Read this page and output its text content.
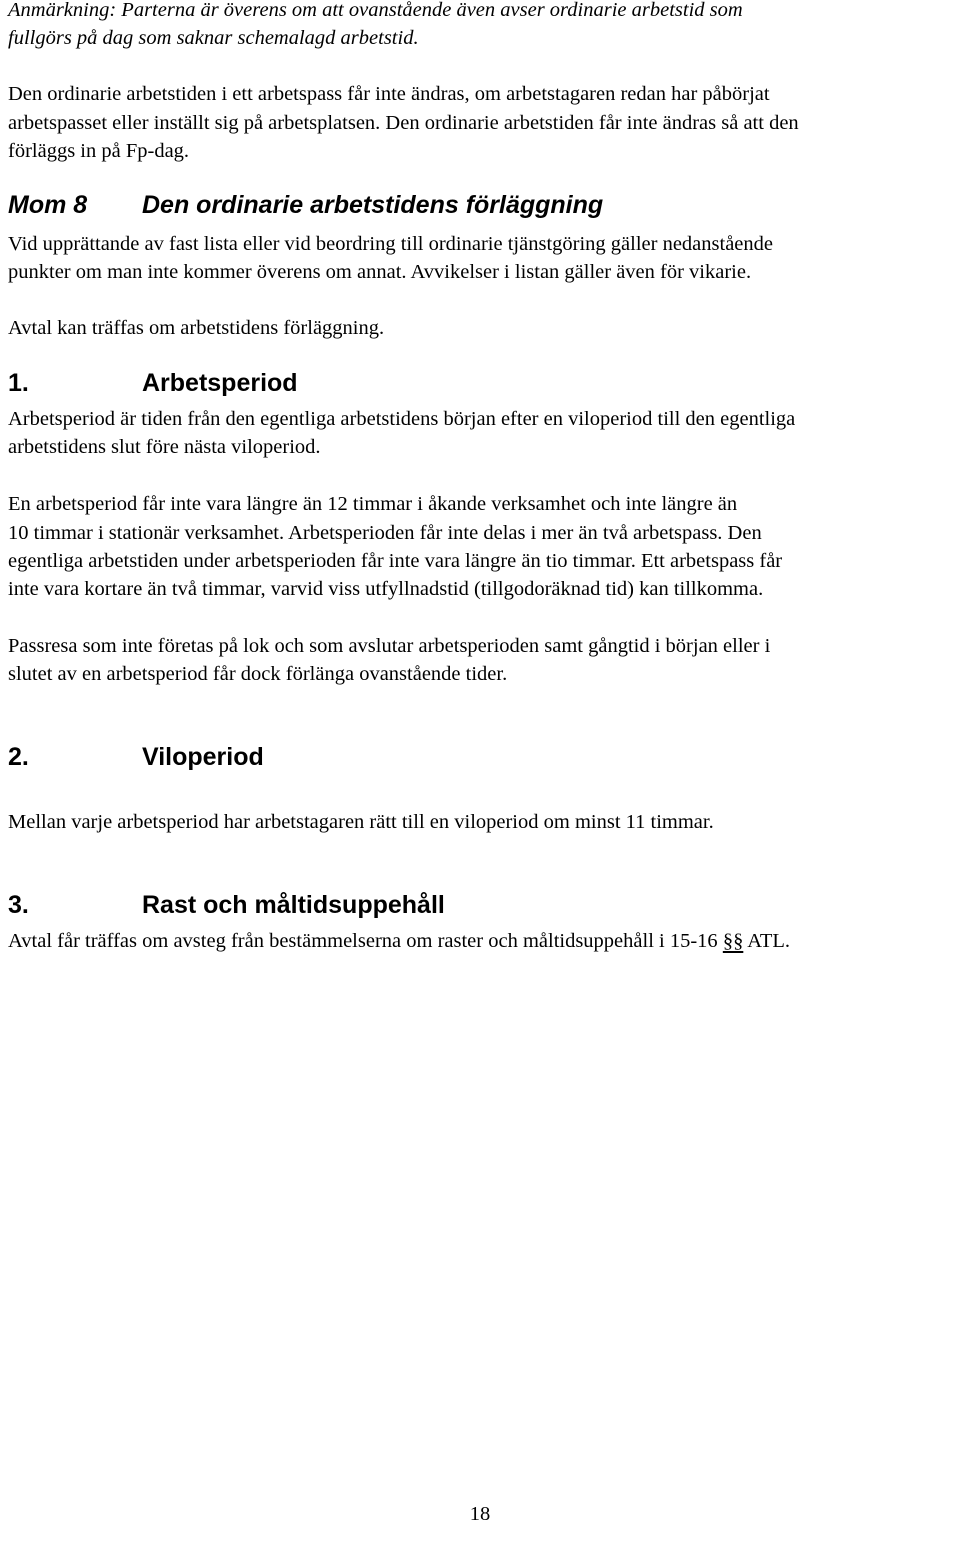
Anmärkning: Parterna är överens om att ovanstående även avser ordinarie arbetstid som
fullgörs på dag som saknar schemalagd arbetstid.
Den ordinarie arbetstiden i ett arbetspass får inte ändras, om arbetstagaren redan har påbörjat
arbetspasset eller inställt sig på arbetsplatsen. Den ordinarie arbetstiden får inte ändras så att den
förläggs in på Fp-dag.
Mom 8 Den ordinarie arbetstidens förläggning
Vid upprättande av fast lista eller vid beordring till ordinarie tjänstgöring gäller nedanstående
punkter om man inte kommer överens om annat. Avvikelser i listan gäller även för vikarie.
Avtal kan träffas om arbetstidens förläggning.
1.	Arbetsperiod
Arbetsperiod är tiden från den egentliga arbetstidens början efter en viloperiod till den egentliga
arbetstidens slut före nästa viloperiod.
En arbetsperiod får inte vara längre än 12 timmar i åkande verksamhet och inte längre än
10 timmar i stationär verksamhet. Arbetsperioden får inte delas i mer än två arbetspass. Den
egentliga arbetstiden under arbetsperioden får inte vara längre än tio timmar. Ett arbetspass får
inte vara kortare än två timmar, varvid viss utfyllnadstid (tillgodoräknad tid) kan tillkomma.
Passresa som inte företas på lok och som avslutar arbetsperioden samt gångtid i början eller i
slutet av en arbetsperiod får dock förlänga ovanstående tider.
2.	Viloperiod
Mellan varje arbetsperiod har arbetstagaren rätt till en viloperiod om minst 11 timmar.
3.	Rast och måltidsuppehåll
Avtal får träffas om avsteg från bestämmelserna om raster och måltidsuppehåll i 15-16 §§ ATL.
18
